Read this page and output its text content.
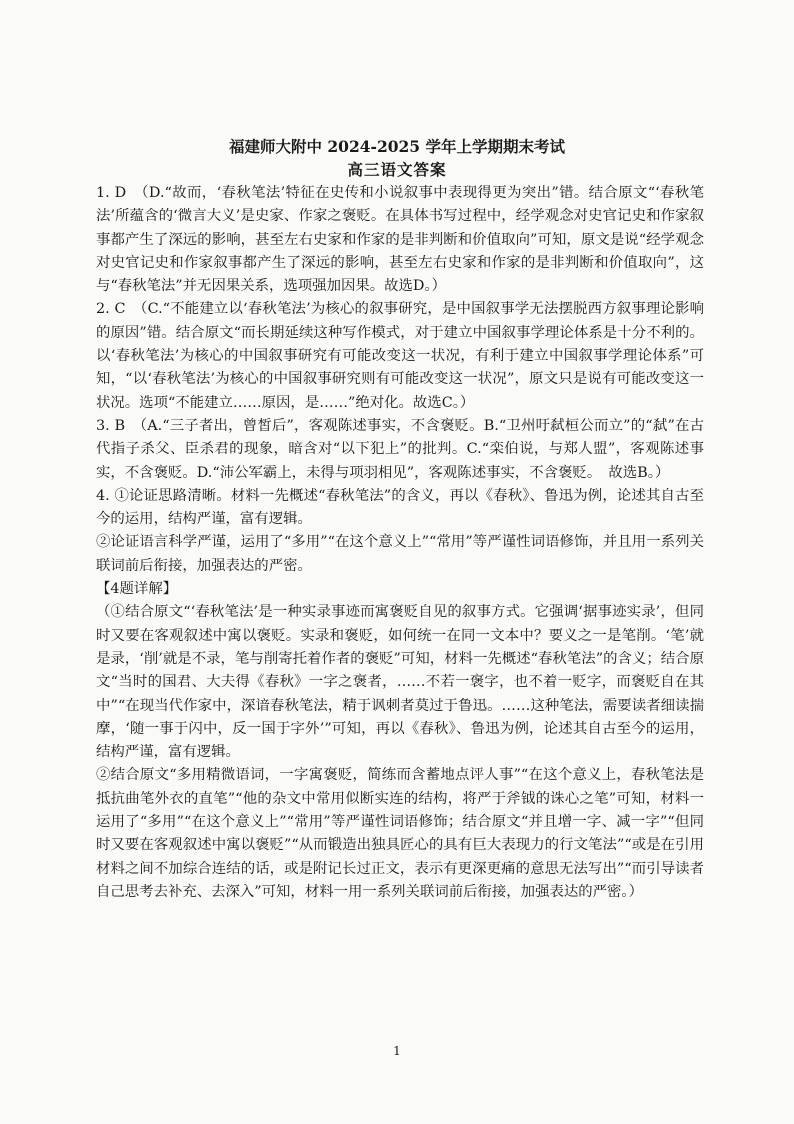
福建师大附中 2024-2025 学年上学期期末考试
高三语文答案

1. D　（D.“故而，‘春秋笔法’特征在史传和小说叙事中表现得更为突出”错。结合原文“‘春秋笔法’所蕴含的‘微言大义’是史家、作家之褒贬。在具体书写过程中，经学观念对史官记史和作家叙事都产生了深远的影响，甚至左右史家和作家的是非判断和价值取向”可知，原文是说“经学观念对史官记史和作家叙事都产生了深远的影响，甚至左右史家和作家的是非判断和价值取向”，这与“春秋笔法”并无因果关系，选项强加因果。故选D。）

2. C　（C.“不能建立以‘春秋笔法’为核心的叙事研究，是中国叙事学无法摆脱西方叙事理论影响的原因”错。结合原文“而长期延续这种写作模式，对于建立中国叙事学理论体系是十分不利的。以‘春秋笔法’为核心的中国叙事研究有可能改变这一状况，有利于建立中国叙事学理论体系”可知，“以‘春秋笔法’为核心的中国叙事研究则有可能改变这一状况”，原文只是说有可能改变这一状况。选项“不能建立……原因，是……”绝对化。故选C。）

3. B　（A.“三子者出，曾皙后”，客观陈述事实，不含褒贬。B.“卫州吁弑桓公而立”的“弑”在古代指子杀父、臣杀君的现象，暗含对“以下犯上”的批判。C.“栾伯说，与郑人盟”，客观陈述事实，不含褒贬。D.“沛公军霸上，未得与项羽相见”，客观陈述事实，不含褒贬。　故选B。）

4. ①论证思路清晰。材料一先概述“春秋笔法”的含义，再以《春秋》、鲁迅为例，论述其自古至今的运用，结构严谨，富有逻辑。

②论证语言科学严谨，运用了“多用”“在这个意义上”“常用”等严谨性词语修饰，并且用一系列关联词前后衔接，加强表达的严密。

【4题详解】

（①结合原文“‘春秋笔法’是一种实录事迹而寓褒贬自见的叙事方式。它强调‘据事迹实录’，但同时又要在客观叙述中寓以褒贬。实录和褒贬，如何统一在同一文本中？要义之一是笔削。‘笔’就是录，‘削’就是不录，笔与削寄托着作者的褒贬”可知，材料一先概述“春秋笔法”的含义；结合原文“当时的国君、大夫得《春秋》一字之褒者，……不若一褒字，也不着一贬字，而褒贬自在其中”“在现当代作家中，深谙春秋笔法，精于讽刺者莫过于鲁迅。……这种笔法，需要读者细读揣摩，‘随一事于闪中，反一国于字外’”可知，再以《春秋》、鲁迅为例，论述其自古至今的运用，结构严谨，富有逻辑。

②结合原文“多用精微语词，一字寓褒贬，简练而含蓄地点评人事”“在这个意义上，春秋笔法是抵抗曲笔外衣的直笔”“他的杂文中常用似断实连的结构，将严于斧钺的诛心之笔”可知，材料一运用了“多用”“在这个意义上”“常用”等严谨性词语修饰；结合原文“并且增一字、减一字”“但同时又要在客观叙述中寓以褒贬”“从而锻造出独具匠心的具有巨大表现力的行文笔法”“或是在引用材料之间不加综合连结的话，或是附记长过正文，表示有更深更痛的意思无法写出”“而引导读者自己思考去补充、去深入”可知，材料一用一系列关联词前后衔接，加强表达的严密。）

1
